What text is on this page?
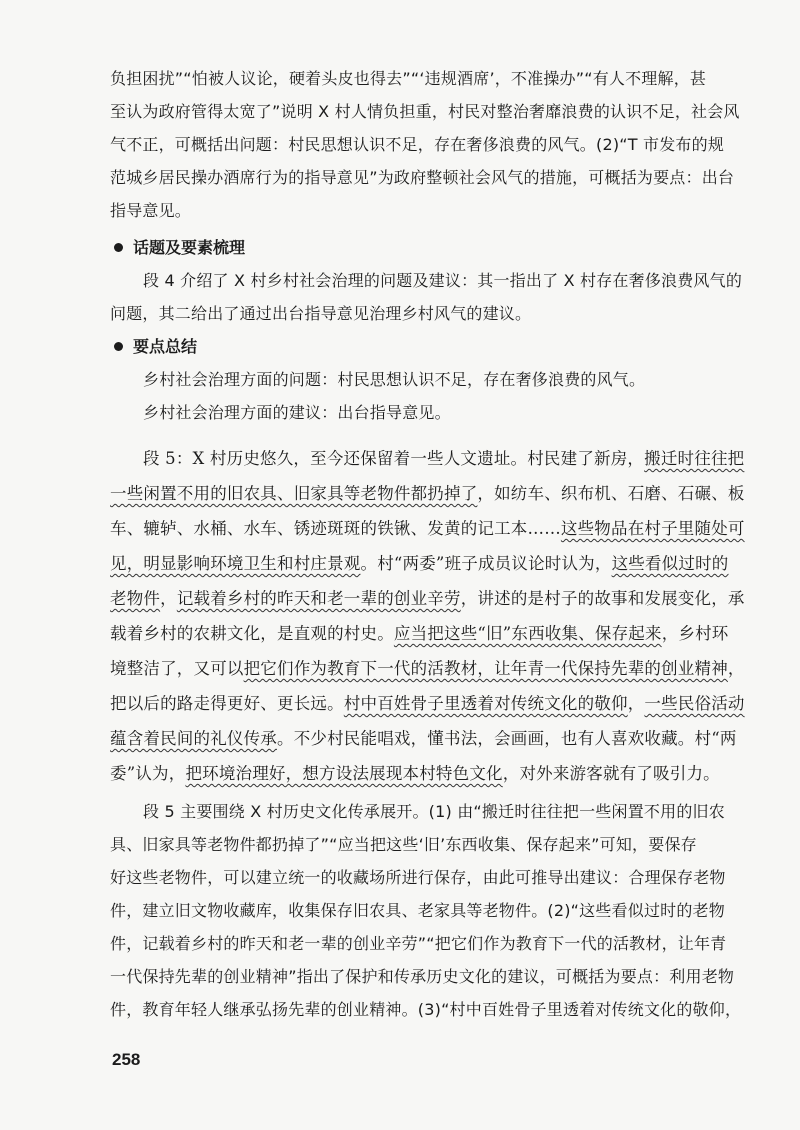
负担困扰”“怕被人议论，硬着头皮也得去”“‘违规酒席’，不准操办”“有人不理解，甚
至认为政府管得太宽了”说明 X 村人情负担重，村民对整治奢靡浪费的认识不足，社会风
气不正，可概括出问题：村民思想认识不足，存在奢侈浪费的风气。(2)“T 市发布的规
范城乡居民操办酒席行为的指导意见”为政府整顿社会风气的措施，可概括为要点：出台
指导意见。
话题及要素梳理
段 4 介绍了 X 村乡村社会治理的问题及建议：其一指出了 X 村存在奢侈浪费风气的
问题，其二给出了通过出台指导意见治理乡村风气的建议。
要点总结
乡村社会治理方面的问题：村民思想认识不足，存在奢侈浪费的风气。
乡村社会治理方面的建议：出台指导意见。
段 5：X 村历史悠久，至今还保留着一些人文遗址。村民建了新房，搬迁时往往把
一些闲置不用的旧农具、旧家具等老物件都扔掉了，如纺车、织布机、石磨、石碾、板
车、辘轳、水桶、水车、锈迹斑斑的铁锹、发黄的记工本……这些物品在村子里随处可
见，明显影响环境卫生和村庄景观。村“两委”班子成员议论时认为，这些看似过时的
老物件，记载着乡村的昨天和老一辈的创业辛劳，讲述的是村子的故事和发展变化，承
载着乡村的农耕文化，是直观的村史。应当把这些“旧”东西收集、保存起来，乡村环
境整洁了，又可以把它们作为教育下一代的活教材，让年青一代保持先辈的创业精神，
把以后的路走得更好、更长远。村中百姓骨子里透着对传统文化的敬仰，一些民俗活动
蕴含着民间的礼仪传承。不少村民能唱戏，懂书法，会画画，也有人喜欢收藏。村“两
委”认为，把环境治理好，想方设法展现本村特色文化，对外来游客就有了吸引力。
段 5 主要围绕 X 村历史文化传承展开。(1) 由“搬迁时往往把一些闲置不用的旧农
具、旧家具等老物件都扔掉了”“应当把这些‘旧’东西收集、保存起来”可知，要保存
好这些老物件，可以建立统一的收藏场所进行保存，由此可推导出建议：合理保存老物
件，建立旧文物收藏库，收集保存旧农具、老家具等老物件。(2)“这些看似过时的老物
件，记载着乡村的昨天和老一辈的创业辛劳”“把它们作为教育下一代的活教材，让年青
一代保持先辈的创业精神”指出了保护和传承历史文化的建议，可概括为要点：利用老物
件，教育年轻人继承弘扬先辈的创业精神。(3)“村中百姓骨子里透着对传统文化的敬仰，
258
